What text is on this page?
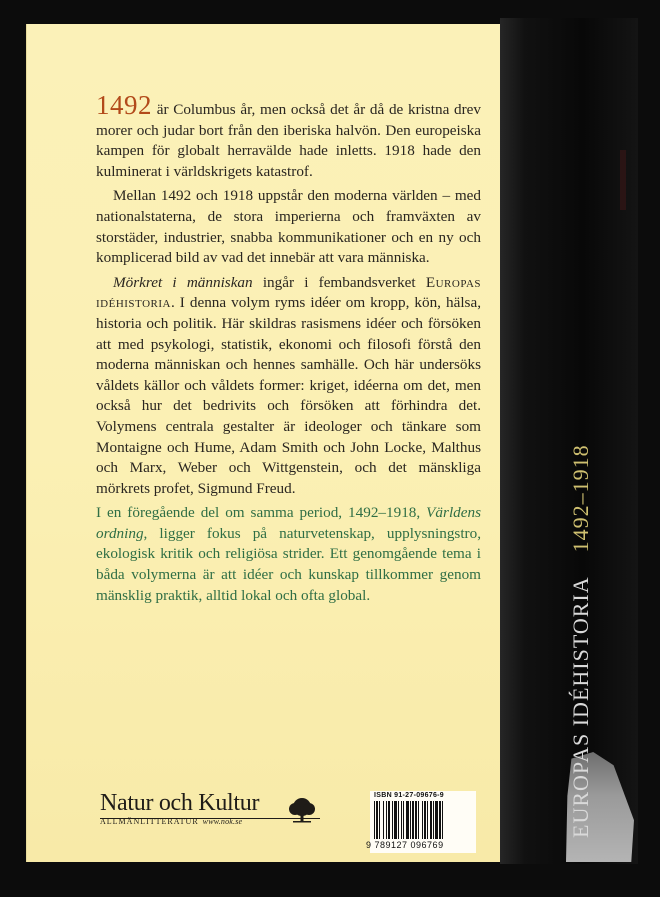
1492 är Columbus år, men också det år då de kristna drev morer och judar bort från den iberiska halvön. Den europeiska kampen för globalt herravälde hade inletts. 1918 hade den kulminerat i världskrigets katastrof.

Mellan 1492 och 1918 uppstår den moderna världen – med nationalstaterna, de stora imperierna och framväxten av storstäder, industrier, snabba kommunikationer och en ny och komplicerad bild av vad det innebär att vara människa.

Mörkret i människan ingår i fembandsverket Europas idéhistoria. I denna volym ryms idéer om kropp, kön, hälsa, historia och politik. Här skildras rasismens idéer och försöken att med psykologi, statistik, ekonomi och filosofi förstå den moderna människan och hennes samhälle. Och här undersöks våldets källor och våldets former: kriget, idéerna om det, men också hur det bedrivits och försöken att förhindra det. Volymens centrala gestalter är ideologer och tänkare som Montaigne och Hume, Adam Smith och John Locke, Malthus och Marx, Weber och Wittgenstein, och det mänskliga mörkrets profet, Sigmund Freud.

I en föregående del om samma period, 1492–1918, Världens ordning, ligger fokus på naturvetenskap, upplysningstro, ekologisk kritik och religiösa strider. Ett genomgående tema i båda volymerna är att idéer och kunskap tillkommer genom mänsklig praktik, alltid lokal och ofta global.

Natur och Kultur
ALLMÄNLITTERATUR www.nok.se
ISBN 91-27-09676-9
9 789127 096769
EUROPAS IDÉHISTORIA1492–1918
